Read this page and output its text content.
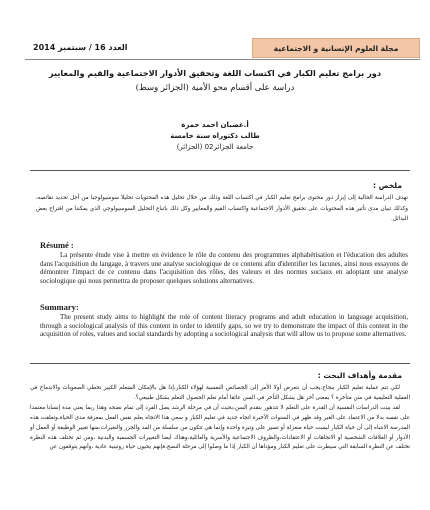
العدد 16 / سبتمبر 2014	مجلة العلوم الإنسانية و الاجتماعية
دور برامج تعليم الكبار في اكتساب اللغة وتحقيق الأدوار الاجتماعية والقيم والمعايير
دراسة على أقسام محو الأمية (الجزائر وسط)
أ.غضبان احمد حمزة
طالب دكتوراه سنة خامسة
جامعة الجزائر02 (الجزائر)
ملخص :
تهدف الدراسة الحالية إلى إبراز دور محتوى برامج تعليم الكبار في اكتساب اللغة وذلك من خلال تحليل هذه المحتويات تحليلا سوسيولوجيا من أجل تحديد نقائصه، وكذلك تبيان مدى تأثير هذه المحتويات على تحقيق الأدوار الاجتماعية واكتساب القيم والمعايير وكل ذلك باتباع التحليل السوسيولوجي الذي يمكننا من اقتراح بعض البدائل.
Résumé :
La présente étude vise à mettre en évidence le rôle du contenu des programmes alphabétisation et l'éducation des adultes dans l'acquisition du langage, à travers une analyse sociologique de ce contenu afin d'identifier les lacunes, ainsi nous essayons de démontrer l'impact de ce contenu dans l'acquisition des rôles, des valeurs et des normes sociaux en adoptant une analyse sociologique qui nous permettra de proposer quelques solutions alternatives.
Summary:
The present study aims to highlight the role of content literacy programs and adult education in language acquisition, through a sociological analysis of this content in order to identify gaps, so we try to demonstrate the impact of this content in the acquisition of roles, values and social standards by adopting a sociological analysis that will allow us to propose some alternatives.
مقدمة وأهداف البحث :

لكي تتم عملية تعليم الكبار بنجاح،يجب أن نتعرض أولا الأمر إلى الخصائص النفسية لهؤلاء الكبار،إذا هل بالإمكان المتعلم الكبير تخطي الصعوبات والاندماج في العملية التعليمية في سن متأخرة ؟ بمعنى آخر هل يشكل التأخر في السن عائقا أمام تعلم الحصول التعلم بشكل طبيعي؟.

لقد بينت الدراسات النفسية أن القدرة على التعلم لا تتدهور بتقدم السن،بحيث أن في مرحلة الرشد يصل الفرد إلى تمام نضجه وهذا ربما يعني مدة إنسانا معتمدا على نفسه بدلا من الاعتماد على الغير وقد ظهر في السنوات الأخيرة اتجاه جديد في تعليم الكبار و سعي هذا الاتجاه يعلم نفس الفعل بمعرفة مدى الحياة،وتعلقت هذه المدرسة الانتباه إلى أن حياة الكبار ليست حياة منعزلة أو تسير على وتيرة واحدة وإنما هي تتكون من سلسلة من المد والجزر والتغيرات،منها تغيير الوظيفة أو العمل أو الأدوار أو العلاقات الشخصية أو الاتجاهات أو الاعتقادات،والظروف الاجتماعية والأسرية والعائلية،وهناك أيضا التغييرات الجسمية والبدنية ،ومن ثم تختلف هذه النظرة تختلف عن النظرة السابقة التي سيطرت على تعليم الكبار ومؤداها أن الكبار إذا ما وصلوا إلى مرحلة النضج،فإنهم يحيون حياة روتينية عادية ،وأنهم يتوقفون عن
